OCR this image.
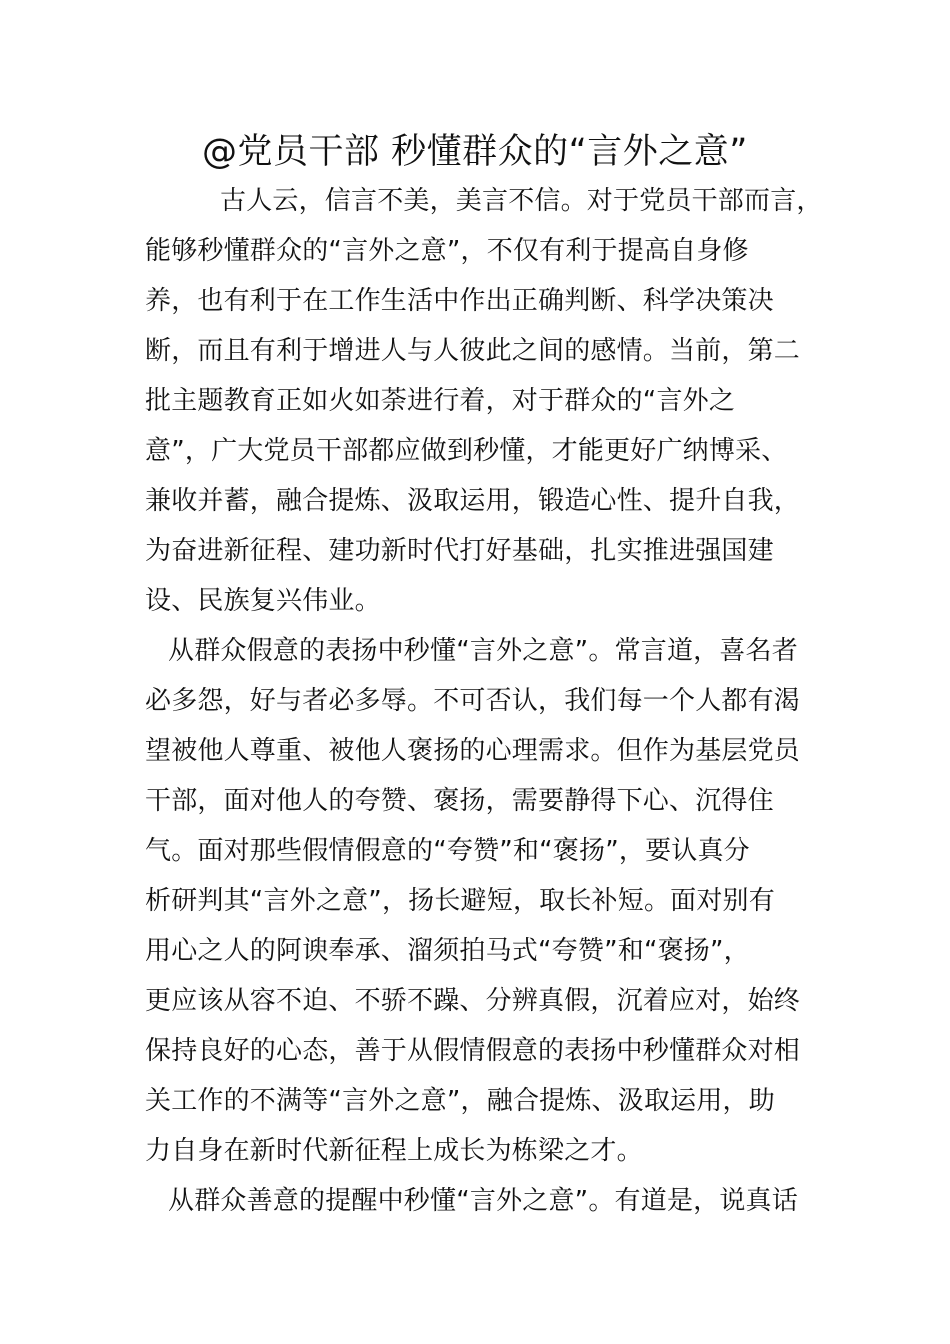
@党员干部 秒懂群众的“言外之意”
古人云，信言不美，美言不信。对于党员干部而言，
能够秒懂群众的“言外之意”，不仅有利于提高自身修
养，也有利于在工作生活中作出正确判断、科学决策决
断，而且有利于增进人与人彼此之间的感情。当前，第二
批主题教育正如火如荼进行着，对于群众的“言外之
意”，广大党员干部都应做到秒懂，才能更好广纳博采、
兼收并蓄，融合提炼、汲取运用，锻造心性、提升自我，
为奋进新征程、建功新时代打好基础，扎实推进强国建
设、民族复兴伟业。
从群众假意的表扬中秒懂“言外之意”。常言道，喜名者
必多怨，好与者必多辱。不可否认，我们每一个人都有渴
望被他人尊重、被他人褒扬的心理需求。但作为基层党员
干部，面对他人的夸赞、褒扬，需要静得下心、沉得住
气。面对那些假情假意的“夸赞”和“褒扬”，要认真分
析研判其“言外之意”，扬长避短，取长补短。面对别有
用心之人的阿谀奉承、溜须拍马式“夸赞”和“褒扬”，
更应该从容不迫、不骄不躁、分辨真假，沉着应对，始终
保持良好的心态，善于从假情假意的表扬中秒懂群众对相
关工作的不满等“言外之意”，融合提炼、汲取运用，助
力自身在新时代新征程上成长为栋梁之才。
从群众善意的提醒中秒懂“言外之意”。有道是，说真话
